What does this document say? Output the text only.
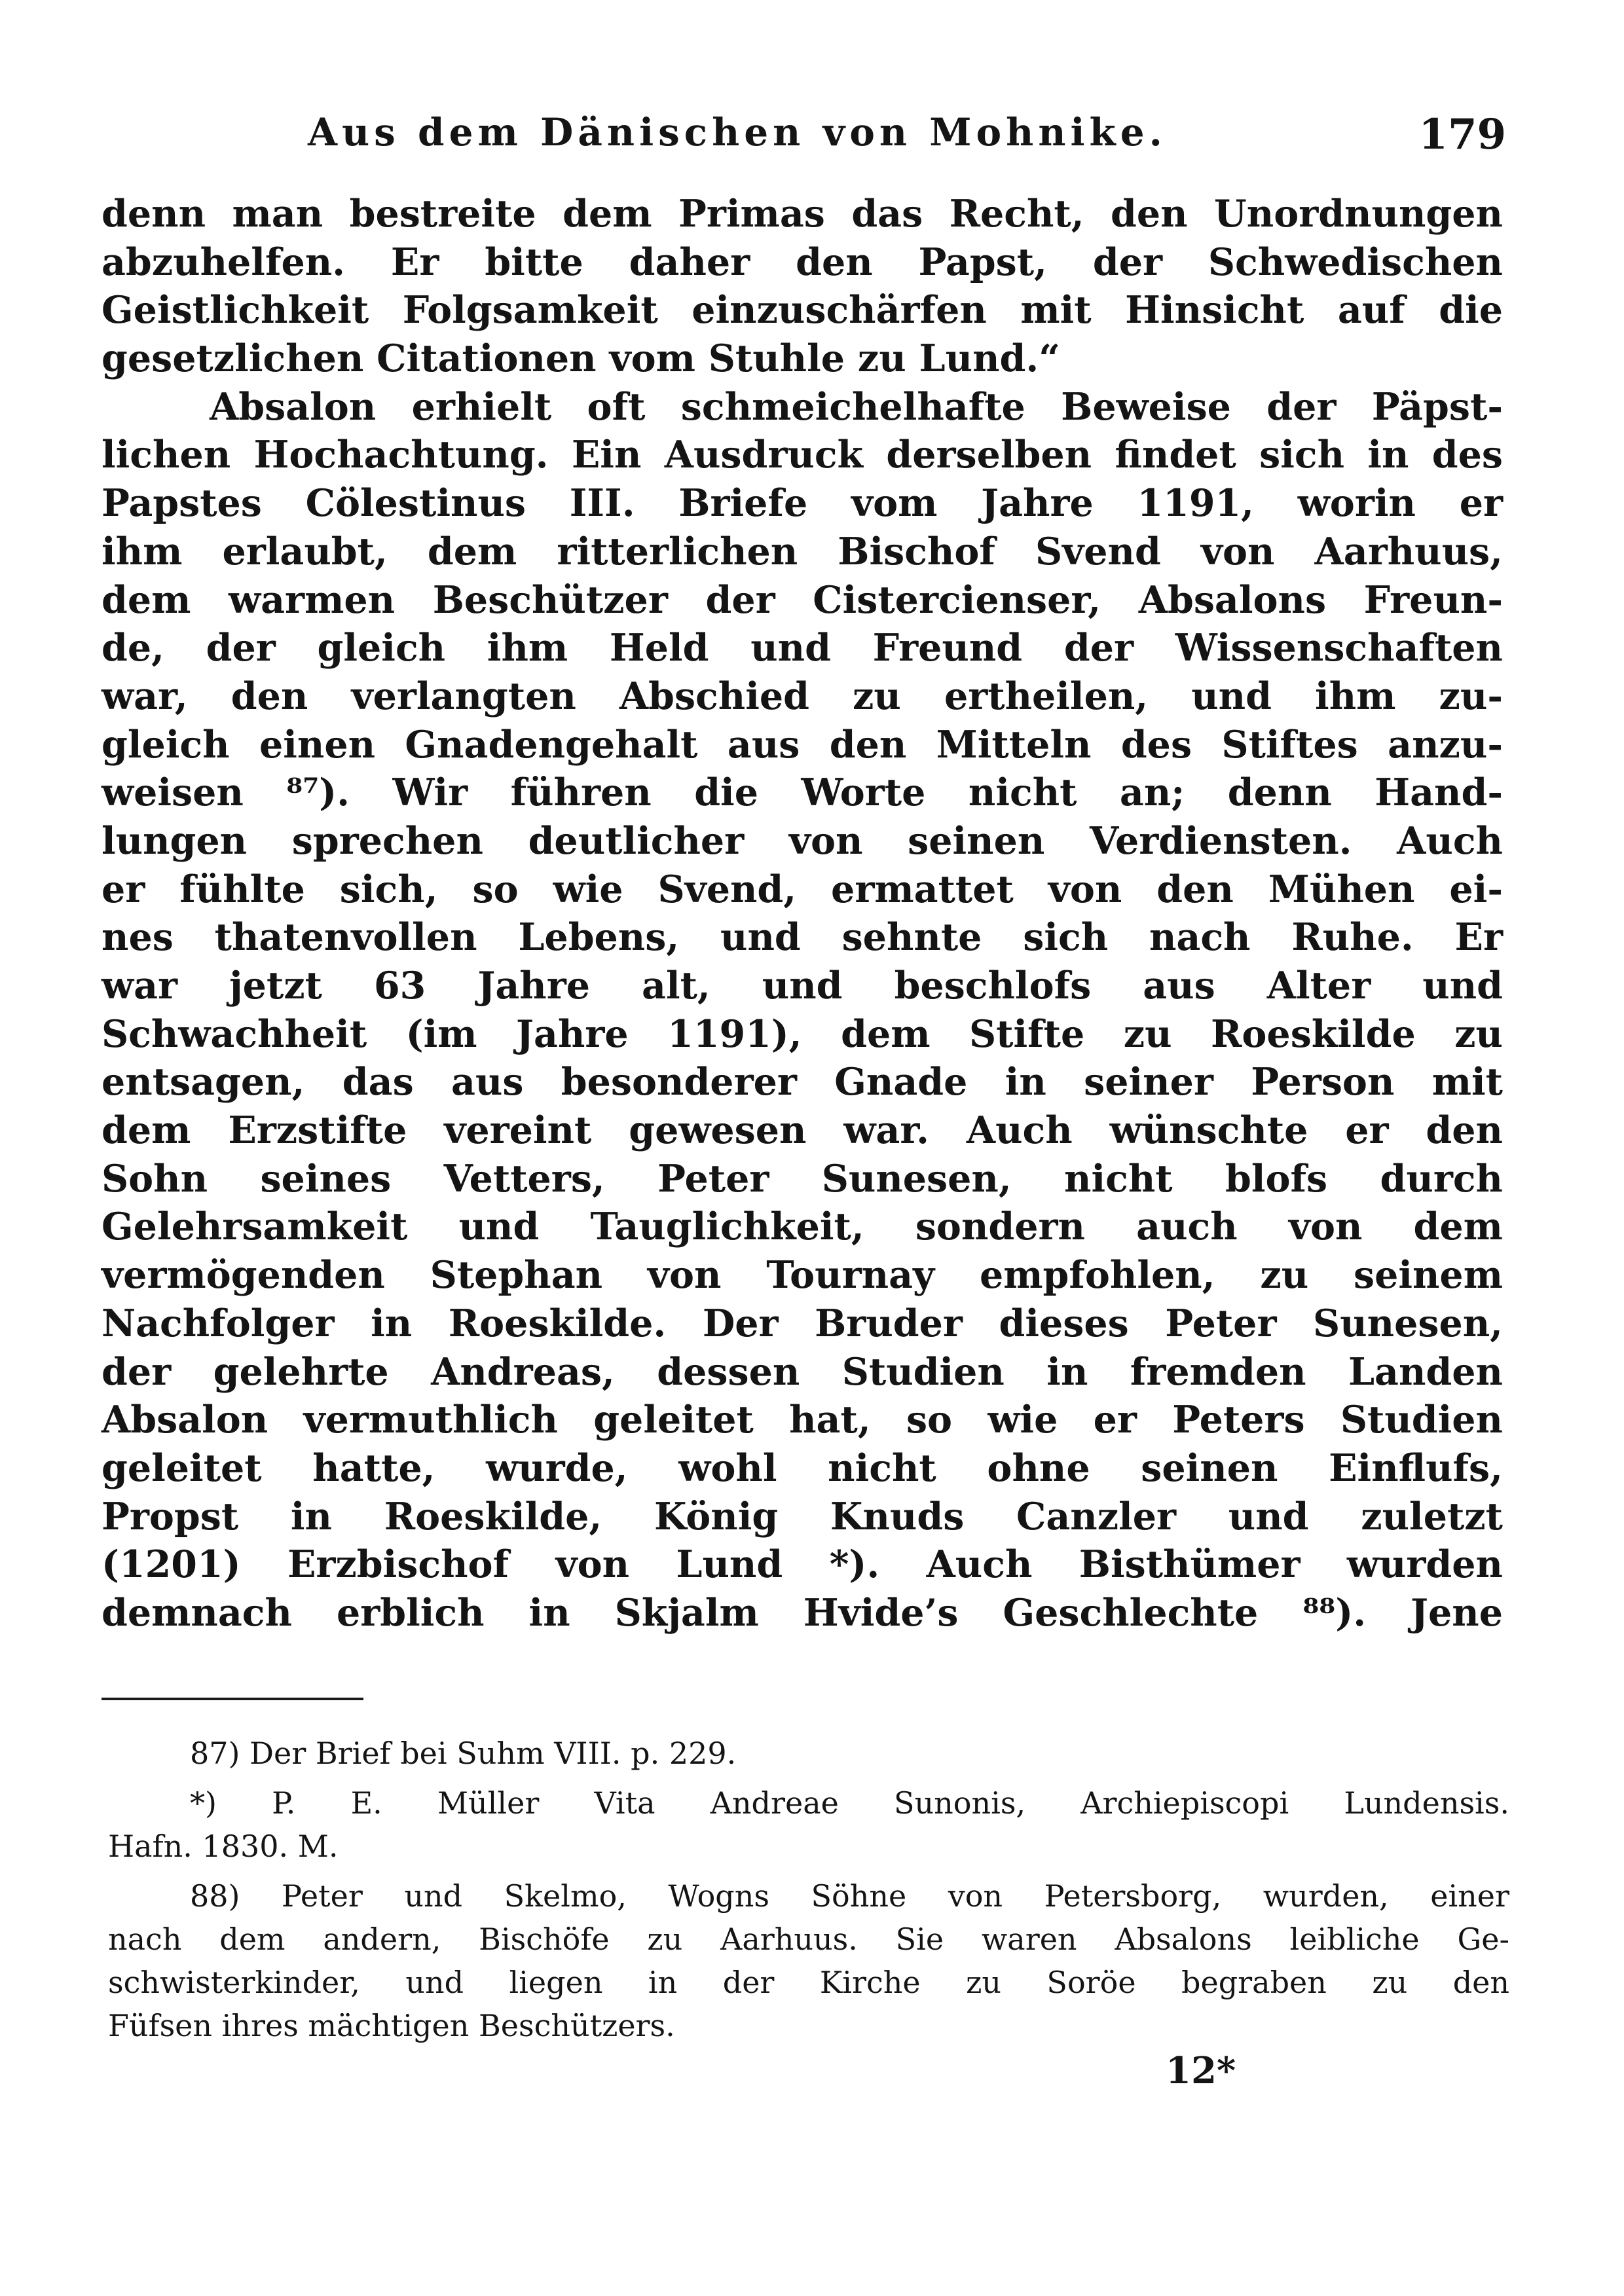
Aus dem Dänischen von Mohnike.	179
denn man bestreite dem Primas das Recht, den Unordnungen
abzuhelfen. Er bitte daher den Papst, der Schwedischen
Geistlichkeit Folgsamkeit einzuschärfen mit Hinsicht auf die
gesetzlichen Citationen vom Stuhle zu Lund.“
Absalon erhielt oft schmeichelhafte Beweise der Päpst-
lichen Hochachtung. Ein Ausdruck derselben findet sich in des
Papstes Cölestinus III. Briefe vom Jahre 1191, worin er
ihm erlaubt, dem ritterlichen Bischof Svend von Aarhuus,
dem warmen Beschützer der Cistercienser, Absalons Freun-
de, der gleich ihm Held und Freund der Wissenschaften
war, den verlangten Abschied zu ertheilen, und ihm zu-
gleich einen Gnadengehalt aus den Mitteln des Stiftes anzu-
weisen ⁸⁷). Wir führen die Worte nicht an; denn Hand-
lungen sprechen deutlicher von seinen Verdiensten. Auch
er fühlte sich, so wie Svend, ermattet von den Mühen ei-
nes thatenvollen Lebens, und sehnte sich nach Ruhe. Er
war jetzt 63 Jahre alt, und beschlofs aus Alter und
Schwachheit (im Jahre 1191), dem Stifte zu Roeskilde zu
entsagen, das aus besonderer Gnade in seiner Person mit
dem Erzstifte vereint gewesen war. Auch wünschte er den
Sohn seines Vetters, Peter Sunesen, nicht blofs durch
Gelehrsamkeit und Tauglichkeit, sondern auch von dem
vermögenden Stephan von Tournay empfohlen, zu seinem
Nachfolger in Roeskilde. Der Bruder dieses Peter Sunesen,
der gelehrte Andreas, dessen Studien in fremden Landen
Absalon vermuthlich geleitet hat, so wie er Peters Studien
geleitet hatte, wurde, wohl nicht ohne seinen Einflufs,
Propst in Roeskilde, König Knuds Canzler und zuletzt
(1201) Erzbischof von Lund *). Auch Bisthümer wurden
demnach erblich in Skjalm Hvide’s Geschlechte ⁸⁸). Jene
87) Der Brief bei Suhm VIII. p. 229.
*) P. E. Müller Vita Andreae Sunonis, Archiepiscopi Lundensis.
Hafn. 1830. M.
88) Peter und Skelmo, Wogns Söhne von Petersborg, wurden, einer
nach dem andern, Bischöfe zu Aarhuus. Sie waren Absalons leibliche Ge-
schwisterkinder, und liegen in der Kirche zu Soröe begraben zu den
Füfsen ihres mächtigen Beschützers.
12*
